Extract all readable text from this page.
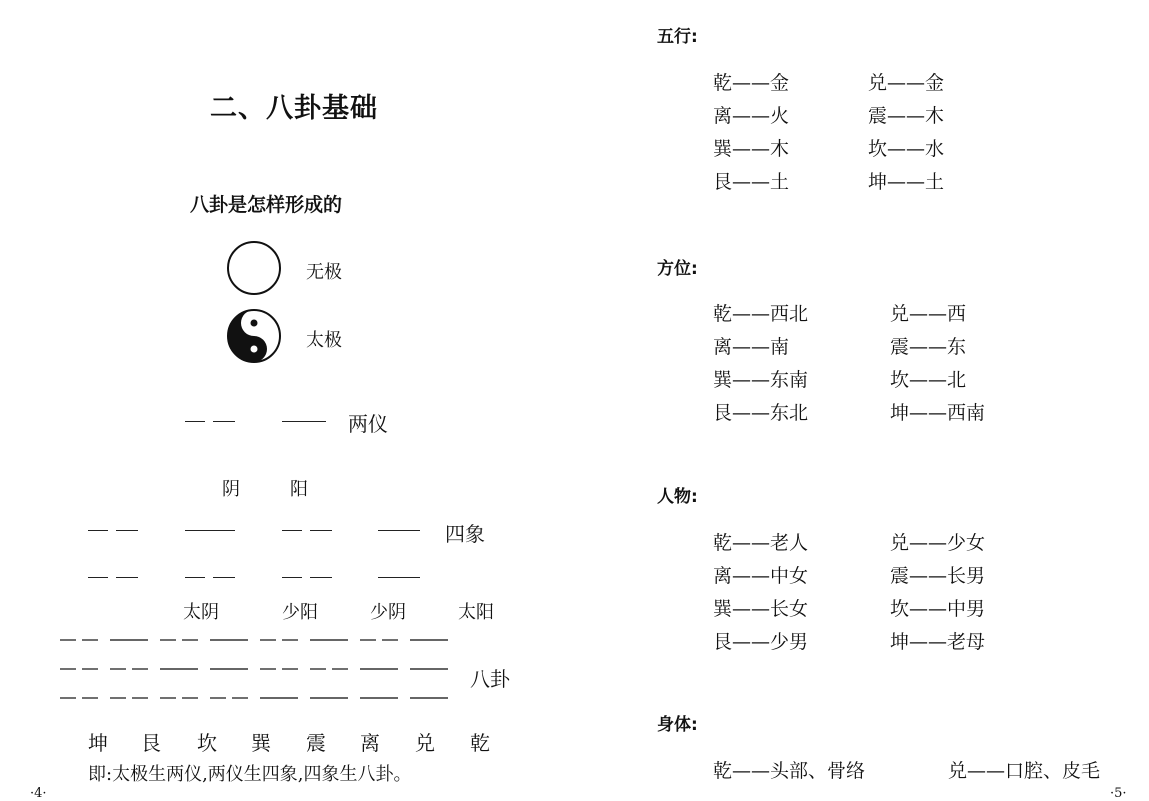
二、八卦基础
八卦是怎样形成的
无极
太极
两仪
阴	阳
四象
太阴	少阳	少阴	太阳
八卦
坤 艮 坎 巽 震 离 兑 乾
即:太极生两仪,两仪生四象,四象生八卦。
·4·
五行:
乾——金	兑——金
离——火	震——木
巽——木	坎——水
艮——土	坤——土
方位:
乾——西北	兑——西
离——南	震——东
巽——东南	坎——北
艮——东北	坤——西南
人物:
乾——老人	兑——少女
离——中女	震——长男
巽——长女	坎——中男
艮——少男	坤——老母
身体:
乾——头部、骨络	兑——口腔、皮毛
·5·
